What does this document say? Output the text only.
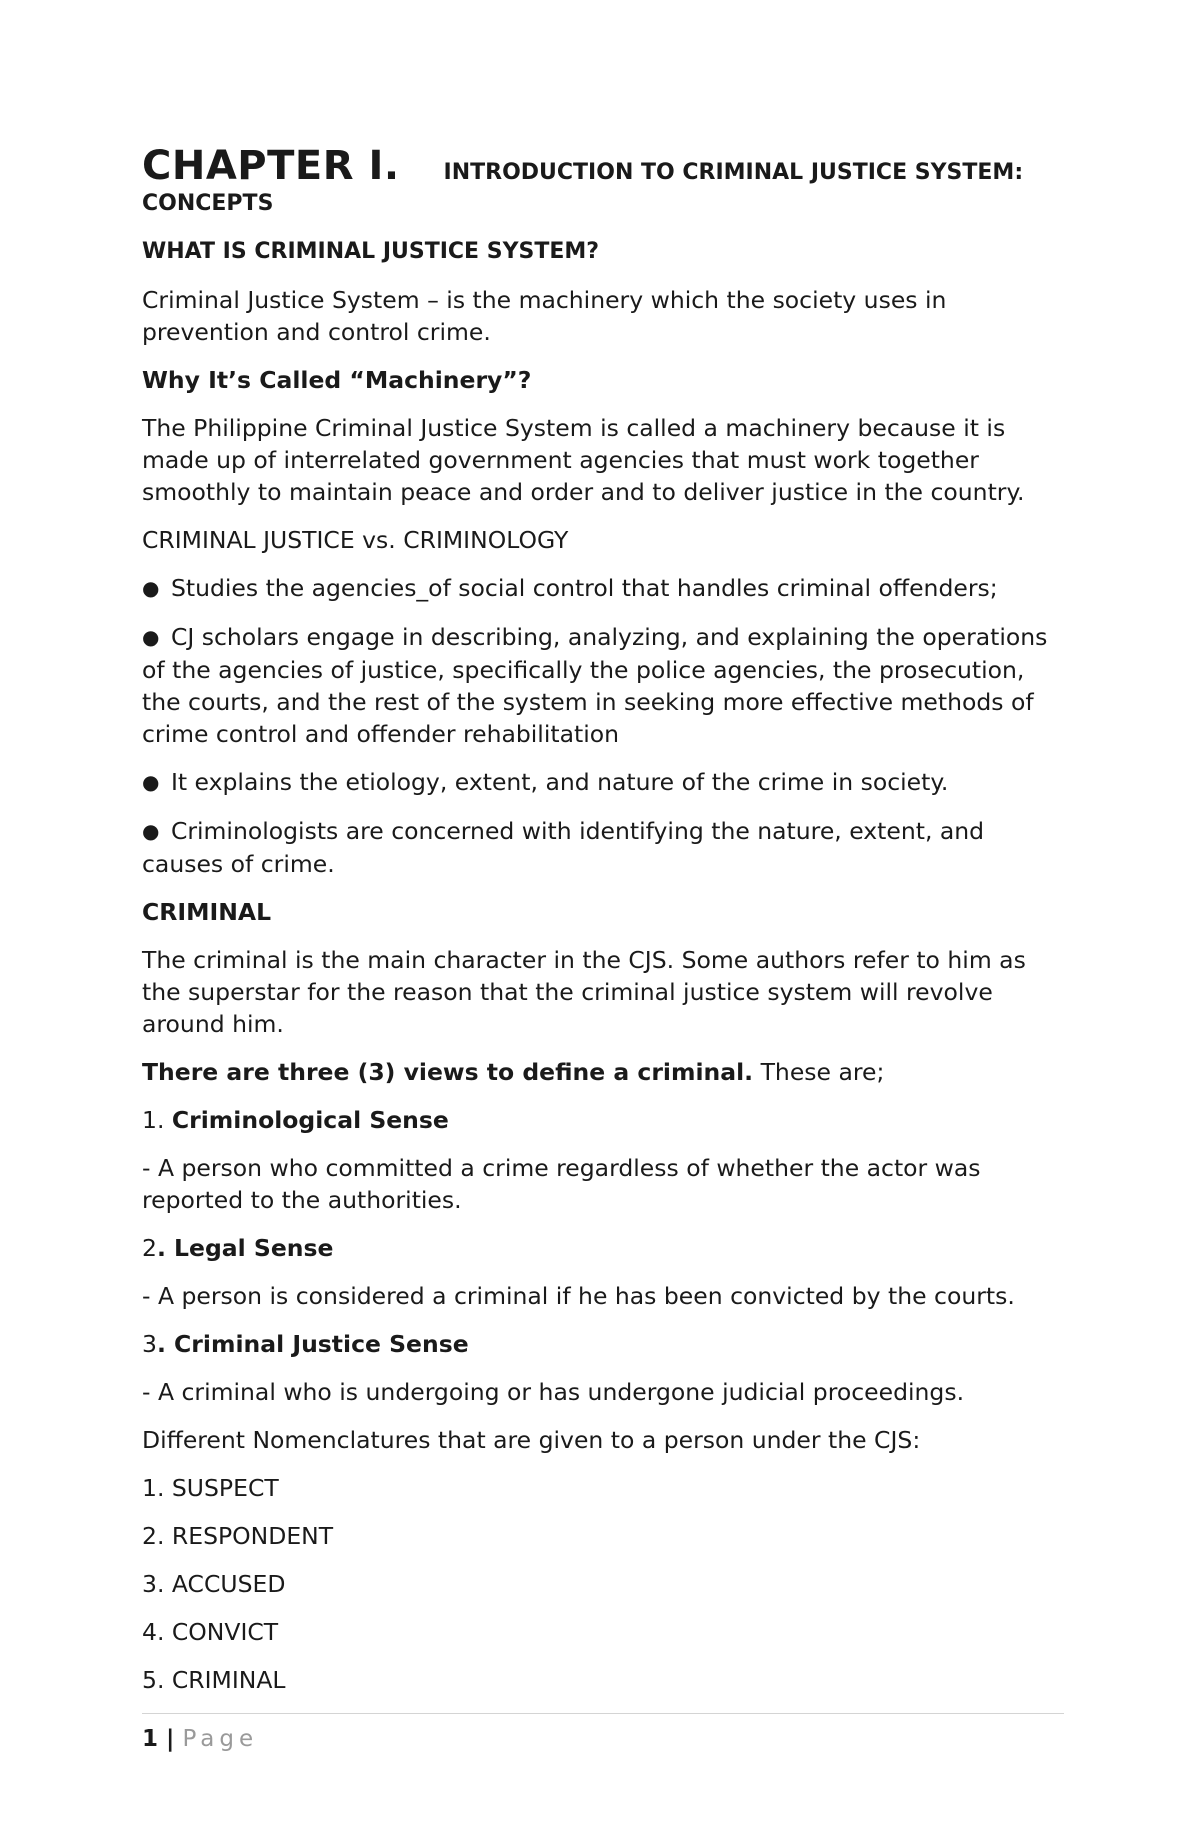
CHAPTER I. INTRODUCTION TO CRIMINAL JUSTICE SYSTEM:

CONCEPTS

WHAT IS CRIMINAL JUSTICE SYSTEM?

Criminal Justice System – is the machinery which the society uses in prevention and control crime.

Why It’s Called “Machinery”?

The Philippine Criminal Justice System is called a machinery because it is made up of interrelated government agencies that must work together smoothly to maintain peace and order and to deliver justice in the country.

CRIMINAL JUSTICE vs. CRIMINOLOGY

● Studies the agencies_of social control that handles criminal offenders;

● CJ scholars engage in describing, analyzing, and explaining the operations of the agencies of justice, specifically the police agencies, the prosecution, the courts, and the rest of the system in seeking more effective methods of crime control and offender rehabilitation

● It explains the etiology, extent, and nature of the crime in society.

● Criminologists are concerned with identifying the nature, extent, and causes of crime.

CRIMINAL

The criminal is the main character in the CJS. Some authors refer to him as the superstar for the reason that the criminal justice system will revolve around him.

There are three (3) views to define a criminal. These are;

1. Criminological Sense

- A person who committed a crime regardless of whether the actor was reported to the authorities.

2. Legal Sense

- A person is considered a criminal if he has been convicted by the courts.

3. Criminal Justice Sense

- A criminal who is undergoing or has undergone judicial proceedings.

Different Nomenclatures that are given to a person under the CJS:

1. SUSPECT

2. RESPONDENT

3. ACCUSED

4. CONVICT

5. CRIMINAL

1 | Page
